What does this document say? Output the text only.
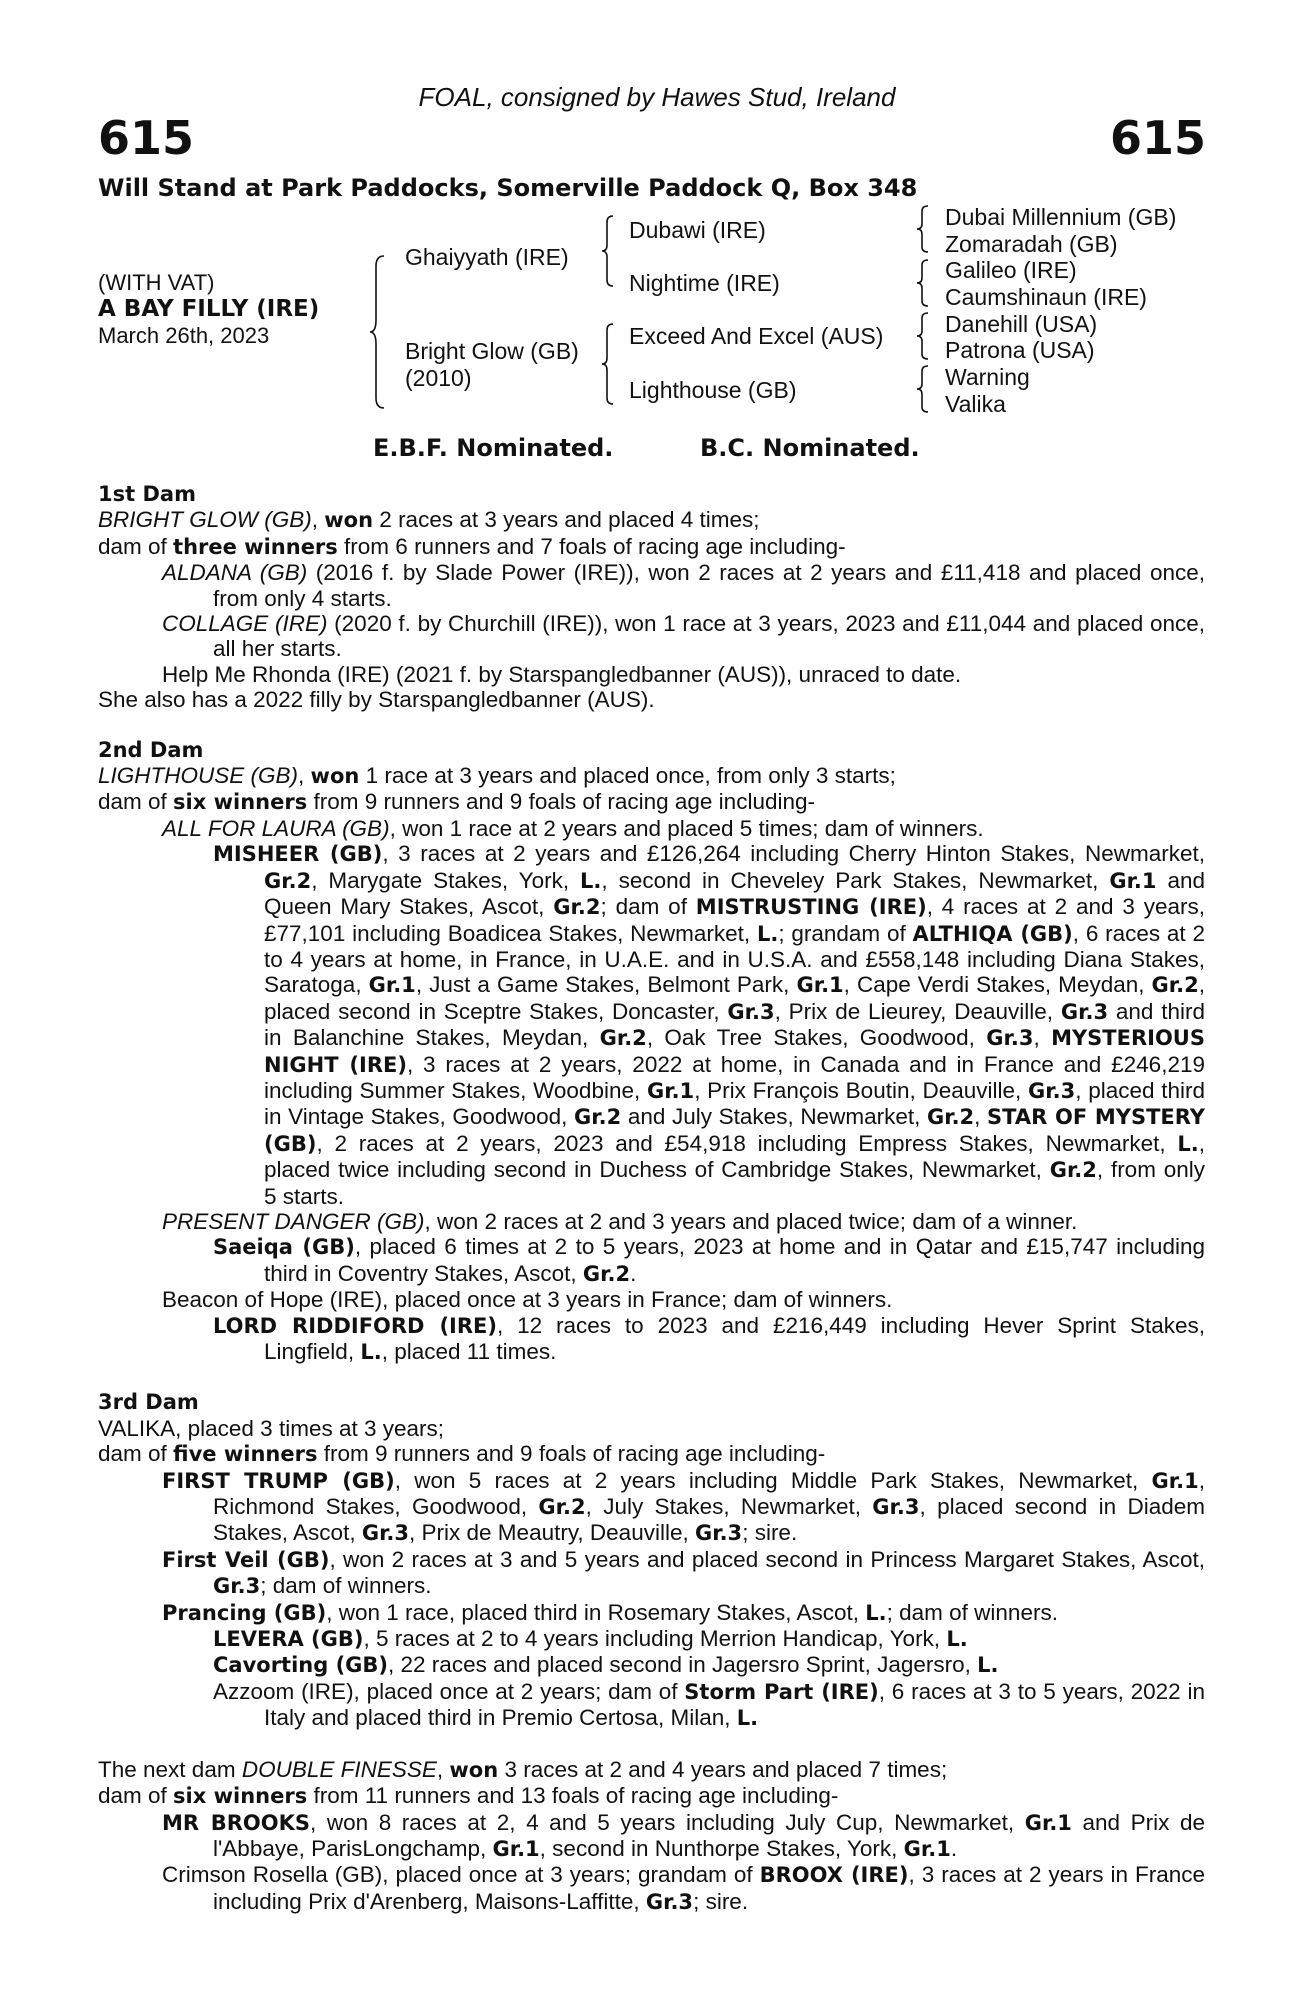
FOAL, consigned by Hawes Stud, Ireland
615	615
Will Stand at Park Paddocks, Somerville Paddock Q, Box 348
(WITH VAT)
A BAY FILLY (IRE)
March 26th, 2023
Ghaiyyath (IRE)
Bright Glow (GB)
(2010)
Dubawi (IRE)
Nightime (IRE)
Exceed And Excel (AUS)
Lighthouse (GB)
Dubai Millennium (GB)
Zomaradah (GB)
Galileo (IRE)
Caumshinaun (IRE)
Danehill (USA)
Patrona (USA)
Warning
Valika
E.B.F. Nominated.	B.C. Nominated.
1st Dam

BRIGHT GLOW (GB), won 2 races at 3 years and placed 4 times;

dam of three winners from 6 runners and 7 foals of racing age including-

ALDANA (GB) (2016 f. by Slade Power (IRE)), won 2 races at 2 years and £11,418 and placed once, from only 4 starts.

COLLAGE (IRE) (2020 f. by Churchill (IRE)), won 1 race at 3 years, 2023 and £11,044 and placed once, all her starts.

Help Me Rhonda (IRE) (2021 f. by Starspangledbanner (AUS)), unraced to date.

She also has a 2022 filly by Starspangledbanner (AUS).

2nd Dam

LIGHTHOUSE (GB), won 1 race at 3 years and placed once, from only 3 starts;

dam of six winners from 9 runners and 9 foals of racing age including-

ALL FOR LAURA (GB), won 1 race at 2 years and placed 5 times; dam of winners.

MISHEER (GB), 3 races at 2 years and £126,264 including Cherry Hinton Stakes, Newmarket, Gr.2, Marygate Stakes, York, L., second in Cheveley Park Stakes, Newmarket, Gr.1 and Queen Mary Stakes, Ascot, Gr.2; dam of MISTRUSTING (IRE), 4 races at 2 and 3 years, £77,101 including Boadicea Stakes, Newmarket, L.; grandam of ALTHIQA (GB), 6 races at 2 to 4 years at home, in France, in U.A.E. and in U.S.A. and £558,148 including Diana Stakes, Saratoga, Gr.1, Just a Game Stakes, Belmont Park, Gr.1, Cape Verdi Stakes, Meydan, Gr.2, placed second in Sceptre Stakes, Doncaster, Gr.3, Prix de Lieurey, Deauville, Gr.3 and third in Balanchine Stakes, Meydan, Gr.2, Oak Tree Stakes, Goodwood, Gr.3, MYSTERIOUS NIGHT (IRE), 3 races at 2 years, 2022 at home, in Canada and in France and £246,219 including Summer Stakes, Woodbine, Gr.1, Prix François Boutin, Deauville, Gr.3, placed third in Vintage Stakes, Goodwood, Gr.2 and July Stakes, Newmarket, Gr.2, STAR OF MYSTERY (GB), 2 races at 2 years, 2023 and £54,918 including Empress Stakes, Newmarket, L., placed twice including second in Duchess of Cambridge Stakes, Newmarket, Gr.2, from only 5 starts.

PRESENT DANGER (GB), won 2 races at 2 and 3 years and placed twice; dam of a winner.

Saeiqa (GB), placed 6 times at 2 to 5 years, 2023 at home and in Qatar and £15,747 including third in Coventry Stakes, Ascot, Gr.2.

Beacon of Hope (IRE), placed once at 3 years in France; dam of winners.

LORD RIDDIFORD (IRE), 12 races to 2023 and £216,449 including Hever Sprint Stakes, Lingfield, L., placed 11 times.

3rd Dam

VALIKA, placed 3 times at 3 years;

dam of five winners from 9 runners and 9 foals of racing age including-

FIRST TRUMP (GB), won 5 races at 2 years including Middle Park Stakes, Newmarket, Gr.1, Richmond Stakes, Goodwood, Gr.2, July Stakes, Newmarket, Gr.3, placed second in Diadem Stakes, Ascot, Gr.3, Prix de Meautry, Deauville, Gr.3; sire.

First Veil (GB), won 2 races at 3 and 5 years and placed second in Princess Margaret Stakes, Ascot, Gr.3; dam of winners.

Prancing (GB), won 1 race, placed third in Rosemary Stakes, Ascot, L.; dam of winners.

LEVERA (GB), 5 races at 2 to 4 years including Merrion Handicap, York, L.

Cavorting (GB), 22 races and placed second in Jagersro Sprint, Jagersro, L.

Azzoom (IRE), placed once at 2 years; dam of Storm Part (IRE), 6 races at 3 to 5 years, 2022 in Italy and placed third in Premio Certosa, Milan, L.

The next dam DOUBLE FINESSE, won 3 races at 2 and 4 years and placed 7 times;

dam of six winners from 11 runners and 13 foals of racing age including-

MR BROOKS, won 8 races at 2, 4 and 5 years including July Cup, Newmarket, Gr.1 and Prix de l'Abbaye, ParisLongchamp, Gr.1, second in Nunthorpe Stakes, York, Gr.1.

Crimson Rosella (GB), placed once at 3 years; grandam of BROOX (IRE), 3 races at 2 years in France including Prix d'Arenberg, Maisons-Laffitte, Gr.3; sire.
